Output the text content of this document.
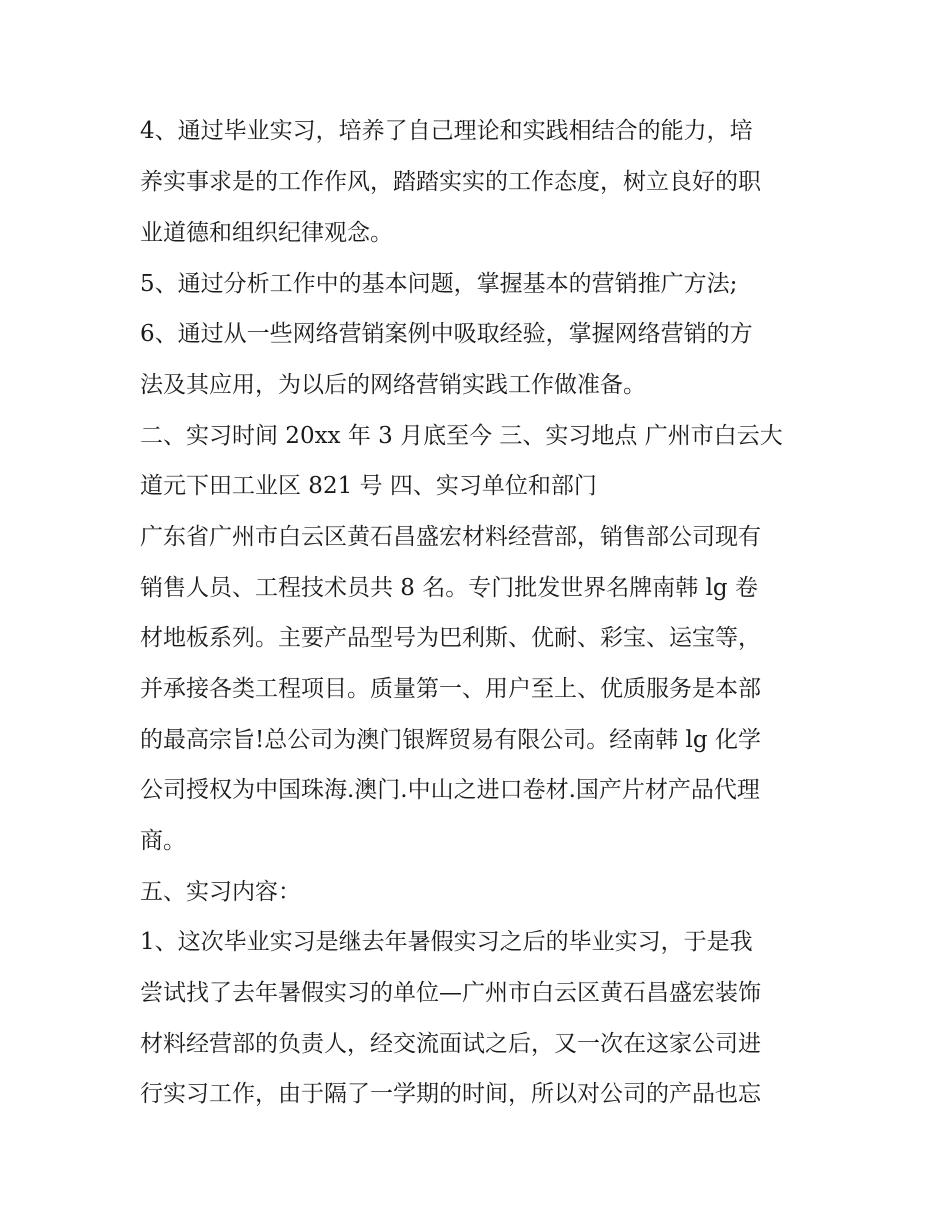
4、通过毕业实习，培养了自己理论和实践相结合的能力，培
养实事求是的工作作风，踏踏实实的工作态度，树立良好的职
业道德和组织纪律观念。
5、通过分析工作中的基本问题，掌握基本的营销推广方法;
6、通过从一些网络营销案例中吸取经验，掌握网络营销的方
法及其应用，为以后的网络营销实践工作做准备。
二、实习时间 20xx 年 3 月底至今 三、实习地点 广州市白云大
道元下田工业区 821 号 四、实习单位和部门
广东省广州市白云区黄石昌盛宏材料经营部，销售部公司现有
销售人员、工程技术员共 8 名。专门批发世界名牌南韩 lg 卷
材地板系列。主要产品型号为巴利斯、优耐、彩宝、运宝等，
并承接各类工程项目。质量第一、用户至上、优质服务是本部
的最高宗旨!总公司为澳门银辉贸易有限公司。经南韩 lg 化学
公司授权为中国珠海.澳门.中山之进口卷材.国产片材产品代理
商。
五、实习内容：
1、这次毕业实习是继去年暑假实习之后的毕业实习，于是我
尝试找了去年暑假实习的单位—广州市白云区黄石昌盛宏装饰
材料经营部的负责人，经交流面试之后，又一次在这家公司进
行实习工作，由于隔了一学期的时间，所以对公司的产品也忘
